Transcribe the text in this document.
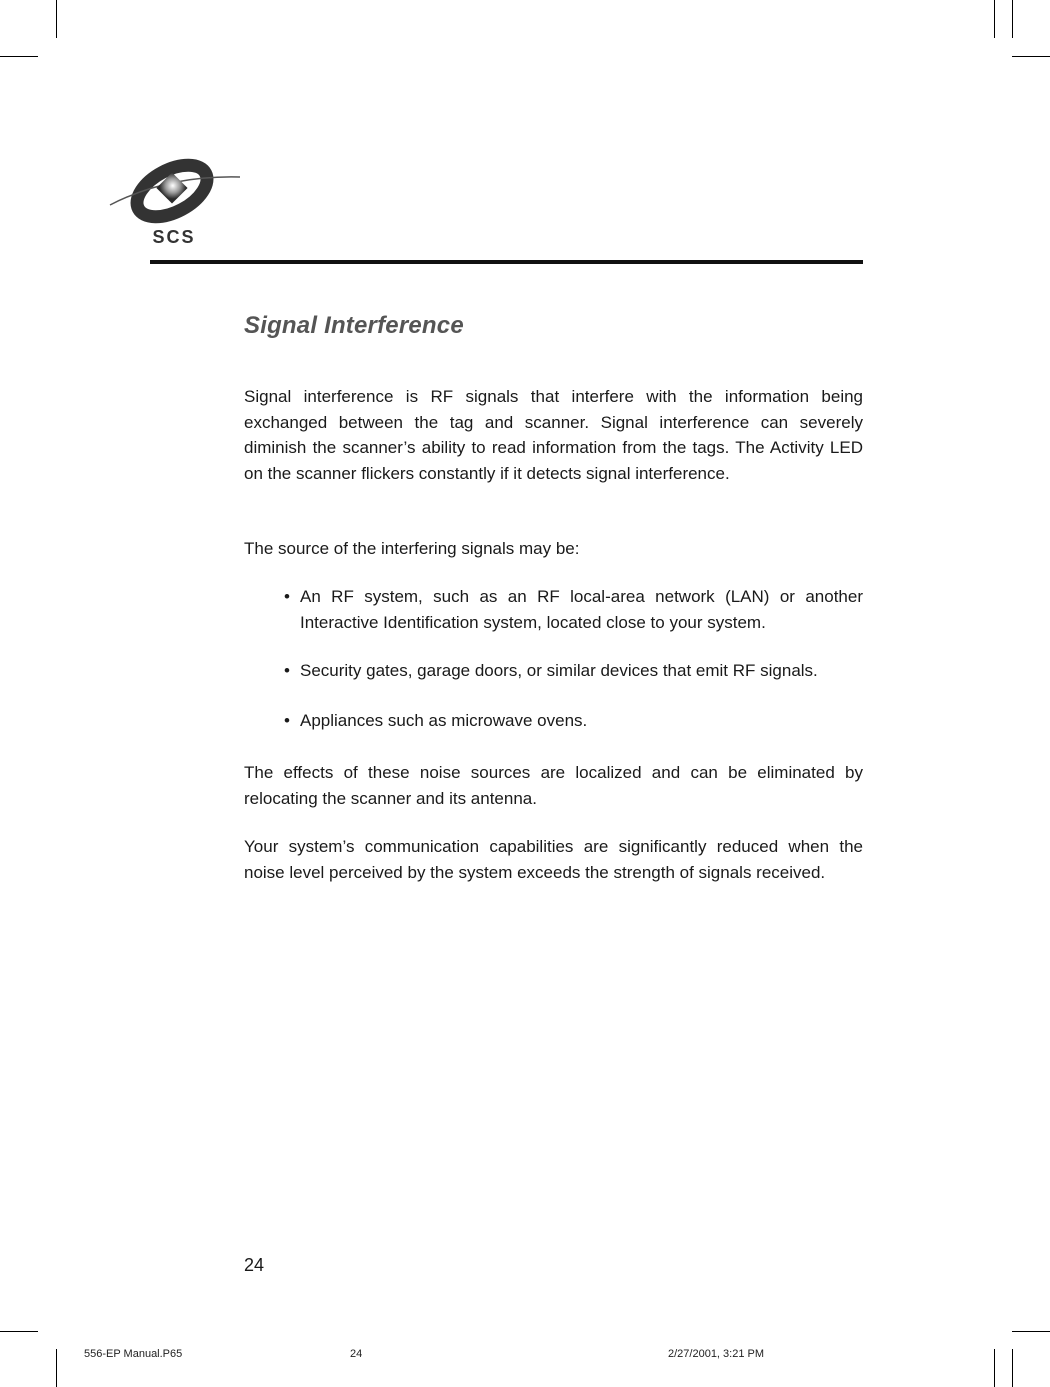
SCS
Signal Interference

Signal interference is RF signals that interfere with the information being exchanged between the tag and scanner. Signal interference can severely diminish the scanner’s ability to read information from the tags. The Activity LED on the scanner flickers constantly if it detects signal interference.

The source of the interfering signals may be:

• An RF system, such as an RF local-area network (LAN) or another Interactive Identification system, located close to your system.

• Security gates, garage doors, or similar devices that emit RF signals.

• Appliances such as microwave ovens.

The effects of these noise sources are localized and can be eliminated by relocating the scanner and its antenna.

Your system’s communication capabilities are significantly reduced when the noise level perceived by the system exceeds the strength of signals received.

24

556-EP Manual.P65	24	2/27/2001, 3:21 PM
